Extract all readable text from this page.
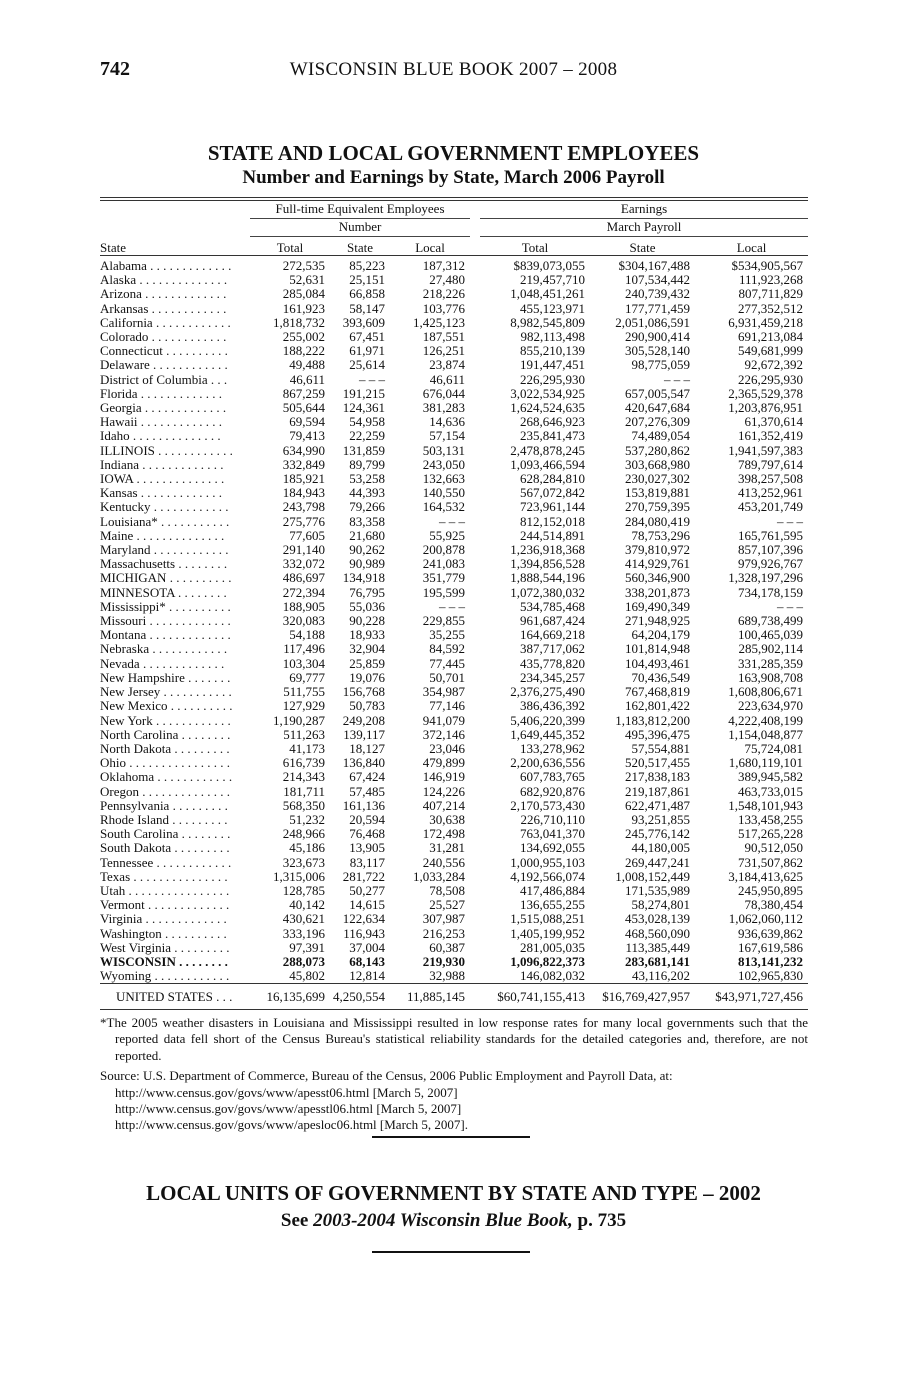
742	WISCONSIN BLUE BOOK 2007 – 2008
STATE AND LOCAL GOVERNMENT EMPLOYEES
Number and Earnings by State, March 2006 Payroll
	Full-time Equivalent Employees				Earnings		
	Number				March Payroll		
State	Total	State	Local		Total	State	Local
Alabama . . . . . . . . . . . . .	272,535	85,223	187,312		$839,073,055	$304,167,488	$534,905,567
Alaska . . . . . . . . . . . . . .	52,631	25,151	27,480		219,457,710	107,534,442	111,923,268
Arizona . . . . . . . . . . . . .	285,084	66,858	218,226		1,048,451,261	240,739,432	807,711,829
Arkansas . . . . . . . . . . . .	161,923	58,147	103,776		455,123,971	177,771,459	277,352,512
California . . . . . . . . . . . .	1,818,732	393,609	1,425,123		8,982,545,809	2,051,086,591	6,931,459,218
Colorado . . . . . . . . . . . .	255,002	67,451	187,551		982,113,498	290,900,414	691,213,084
Connecticut . . . . . . . . . .	188,222	61,971	126,251		855,210,139	305,528,140	549,681,999
Delaware . . . . . . . . . . . .	49,488	25,614	23,874		191,447,451	98,775,059	92,672,392
District of Columbia . . .	46,611	– – –	46,611		226,295,930	– – –	226,295,930
Florida . . . . . . . . . . . . .	867,259	191,215	676,044		3,022,534,925	657,005,547	2,365,529,378
Georgia . . . . . . . . . . . . .	505,644	124,361	381,283		1,624,524,635	420,647,684	1,203,876,951
Hawaii . . . . . . . . . . . . .	69,594	54,958	14,636		268,646,923	207,276,309	61,370,614
Idaho . . . . . . . . . . . . . .	79,413	22,259	57,154		235,841,473	74,489,054	161,352,419
ILLINOIS . . . . . . . . . . . .	634,990	131,859	503,131		2,478,878,245	537,280,862	1,941,597,383
Indiana . . . . . . . . . . . . .	332,849	89,799	243,050		1,093,466,594	303,668,980	789,797,614
IOWA . . . . . . . . . . . . . .	185,921	53,258	132,663		628,284,810	230,027,302	398,257,508
Kansas . . . . . . . . . . . . .	184,943	44,393	140,550		567,072,842	153,819,881	413,252,961
Kentucky . . . . . . . . . . . .	243,798	79,266	164,532		723,961,144	270,759,395	453,201,749
Louisiana* . . . . . . . . . . .	275,776	83,358	– – –		812,152,018	284,080,419	– – –
Maine . . . . . . . . . . . . . .	77,605	21,680	55,925		244,514,891	78,753,296	165,761,595
Maryland . . . . . . . . . . . .	291,140	90,262	200,878		1,236,918,368	379,810,972	857,107,396
Massachusetts . . . . . . . .	332,072	90,989	241,083		1,394,856,528	414,929,761	979,926,767
MICHIGAN . . . . . . . . . .	486,697	134,918	351,779		1,888,544,196	560,346,900	1,328,197,296
MINNESOTA . . . . . . . .	272,394	76,795	195,599		1,072,380,032	338,201,873	734,178,159
Mississippi* . . . . . . . . . .	188,905	55,036	– – –		534,785,468	169,490,349	– – –
Missouri . . . . . . . . . . . . .	320,083	90,228	229,855		961,687,424	271,948,925	689,738,499
Montana . . . . . . . . . . . . .	54,188	18,933	35,255		164,669,218	64,204,179	100,465,039
Nebraska . . . . . . . . . . . .	117,496	32,904	84,592		387,717,062	101,814,948	285,902,114
Nevada . . . . . . . . . . . . .	103,304	25,859	77,445		435,778,820	104,493,461	331,285,359
New Hampshire . . . . . . .	69,777	19,076	50,701		234,345,257	70,436,549	163,908,708
New Jersey . . . . . . . . . . .	511,755	156,768	354,987		2,376,275,490	767,468,819	1,608,806,671
New Mexico . . . . . . . . . .	127,929	50,783	77,146		386,436,392	162,801,422	223,634,970
New York . . . . . . . . . . . .	1,190,287	249,208	941,079		5,406,220,399	1,183,812,200	4,222,408,199
North Carolina . . . . . . . .	511,263	139,117	372,146		1,649,445,352	495,396,475	1,154,048,877
North Dakota . . . . . . . . .	41,173	18,127	23,046		133,278,962	57,554,881	75,724,081
Ohio . . . . . . . . . . . . . . . .	616,739	136,840	479,899		2,200,636,556	520,517,455	1,680,119,101
Oklahoma . . . . . . . . . . . .	214,343	67,424	146,919		607,783,765	217,838,183	389,945,582
Oregon . . . . . . . . . . . . . .	181,711	57,485	124,226		682,920,876	219,187,861	463,733,015
Pennsylvania . . . . . . . . .	568,350	161,136	407,214		2,170,573,430	622,471,487	1,548,101,943
Rhode Island . . . . . . . . .	51,232	20,594	30,638		226,710,110	93,251,855	133,458,255
South Carolina . . . . . . . .	248,966	76,468	172,498		763,041,370	245,776,142	517,265,228
South Dakota . . . . . . . . .	45,186	13,905	31,281		134,692,055	44,180,005	90,512,050
Tennessee . . . . . . . . . . . .	323,673	83,117	240,556		1,000,955,103	269,447,241	731,507,862
Texas . . . . . . . . . . . . . . .	1,315,006	281,722	1,033,284		4,192,566,074	1,008,152,449	3,184,413,625
Utah . . . . . . . . . . . . . . . .	128,785	50,277	78,508		417,486,884	171,535,989	245,950,895
Vermont . . . . . . . . . . . . .	40,142	14,615	25,527		136,655,255	58,274,801	78,380,454
Virginia . . . . . . . . . . . . .	430,621	122,634	307,987		1,515,088,251	453,028,139	1,062,060,112
Washington . . . . . . . . . .	333,196	116,943	216,253		1,405,199,952	468,560,090	936,639,862
West Virginia . . . . . . . . .	97,391	37,004	60,387		281,005,035	113,385,449	167,619,586
WISCONSIN . . . . . . . .	288,073	68,143	219,930		1,096,822,373	283,681,141	813,141,232
Wyoming . . . . . . . . . . . .	45,802	12,814	32,988		146,082,032	43,116,202	102,965,830
UNITED STATES . . .	16,135,699	4,250,554	11,885,145		$60,741,155,413	$16,769,427,957	$43,971,727,456

*The 2005 weather disasters in Louisiana and Mississippi resulted in low response rates for many local governments such that the reported data fell short of the Census Bureau's statistical reliability standards for the detailed categories and, therefore, are not reported.

Source: U.S. Department of Commerce, Bureau of the Census, 2006 Public Employment and Payroll Data, at:
http://www.census.gov/govs/www/apesst06.html [March 5, 2007]
http://www.census.gov/govs/www/apesstl06.html [March 5, 2007]
http://www.census.gov/govs/www/apesloc06.html [March 5, 2007].

LOCAL UNITS OF GOVERNMENT BY STATE AND TYPE – 2002
See 2003-2004 Wisconsin Blue Book, p. 735
